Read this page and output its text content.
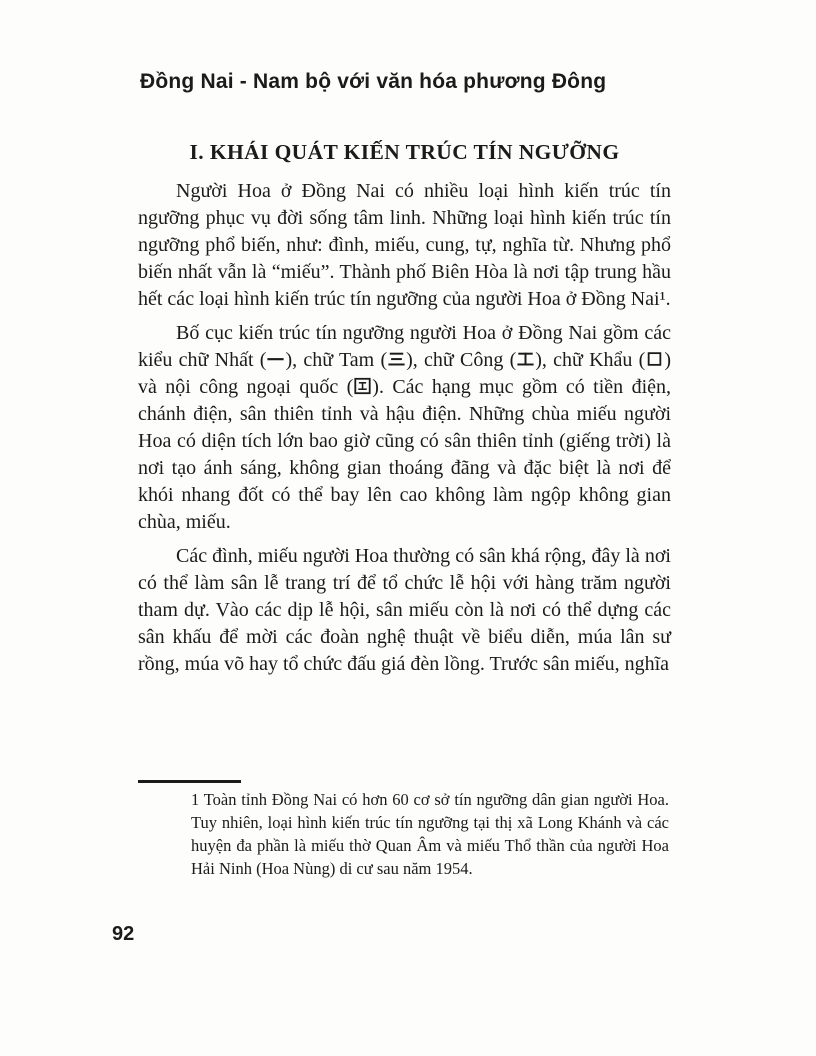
Đồng Nai - Nam bộ với văn hóa phương Đông
I. KHÁI QUÁT KIẾN TRÚC TÍN NGƯỠNG

Người Hoa ở Đồng Nai có nhiều loại hình kiến trúc tín ngưỡng phục vụ đời sống tâm linh. Những loại hình kiến trúc tín ngưỡng phổ biến, như: đình, miếu, cung, tự, nghĩa từ. Nhưng phổ biến nhất vẫn là “miếu”. Thành phố Biên Hòa là nơi tập trung hầu hết các loại hình kiến trúc tín ngưỡng của người Hoa ở Đồng Nai¹.

Bố cục kiến trúc tín ngưỡng người Hoa ở Đồng Nai gồm các kiểu chữ Nhất ( ), chữ Tam ( ), chữ Công ( ), chữ Khẩu ( ) và nội công ngoại quốc ( ). Các hạng mục gồm có tiền điện, chánh điện, sân thiên tỉnh và hậu điện. Những chùa miếu người Hoa có diện tích lớn bao giờ cũng có sân thiên tỉnh (giếng trời) là nơi tạo ánh sáng, không gian thoáng đãng và đặc biệt là nơi để khói nhang đốt có thể bay lên cao không làm ngộp không gian chùa, miếu.

Các đình, miếu người Hoa thường có sân khá rộng, đây là nơi có thể làm sân lễ trang trí để tổ chức lễ hội với hàng trăm người tham dự. Vào các dịp lễ hội, sân miếu còn là nơi có thể dựng các sân khấu để mời các đoàn nghệ thuật về biểu diễn, múa lân sư rồng, múa võ hay tổ chức đấu giá đèn lồng. Trước sân miếu, nghĩa

1 Toàn tỉnh Đồng Nai có hơn 60 cơ sở tín ngưỡng dân gian người Hoa. Tuy nhiên, loại hình kiến trúc tín ngưỡng tại thị xã Long Khánh và các huyện đa phần là miếu thờ Quan Âm và miếu Thổ thần của người Hoa Hải Ninh (Hoa Nùng) di cư sau năm 1954.
92
